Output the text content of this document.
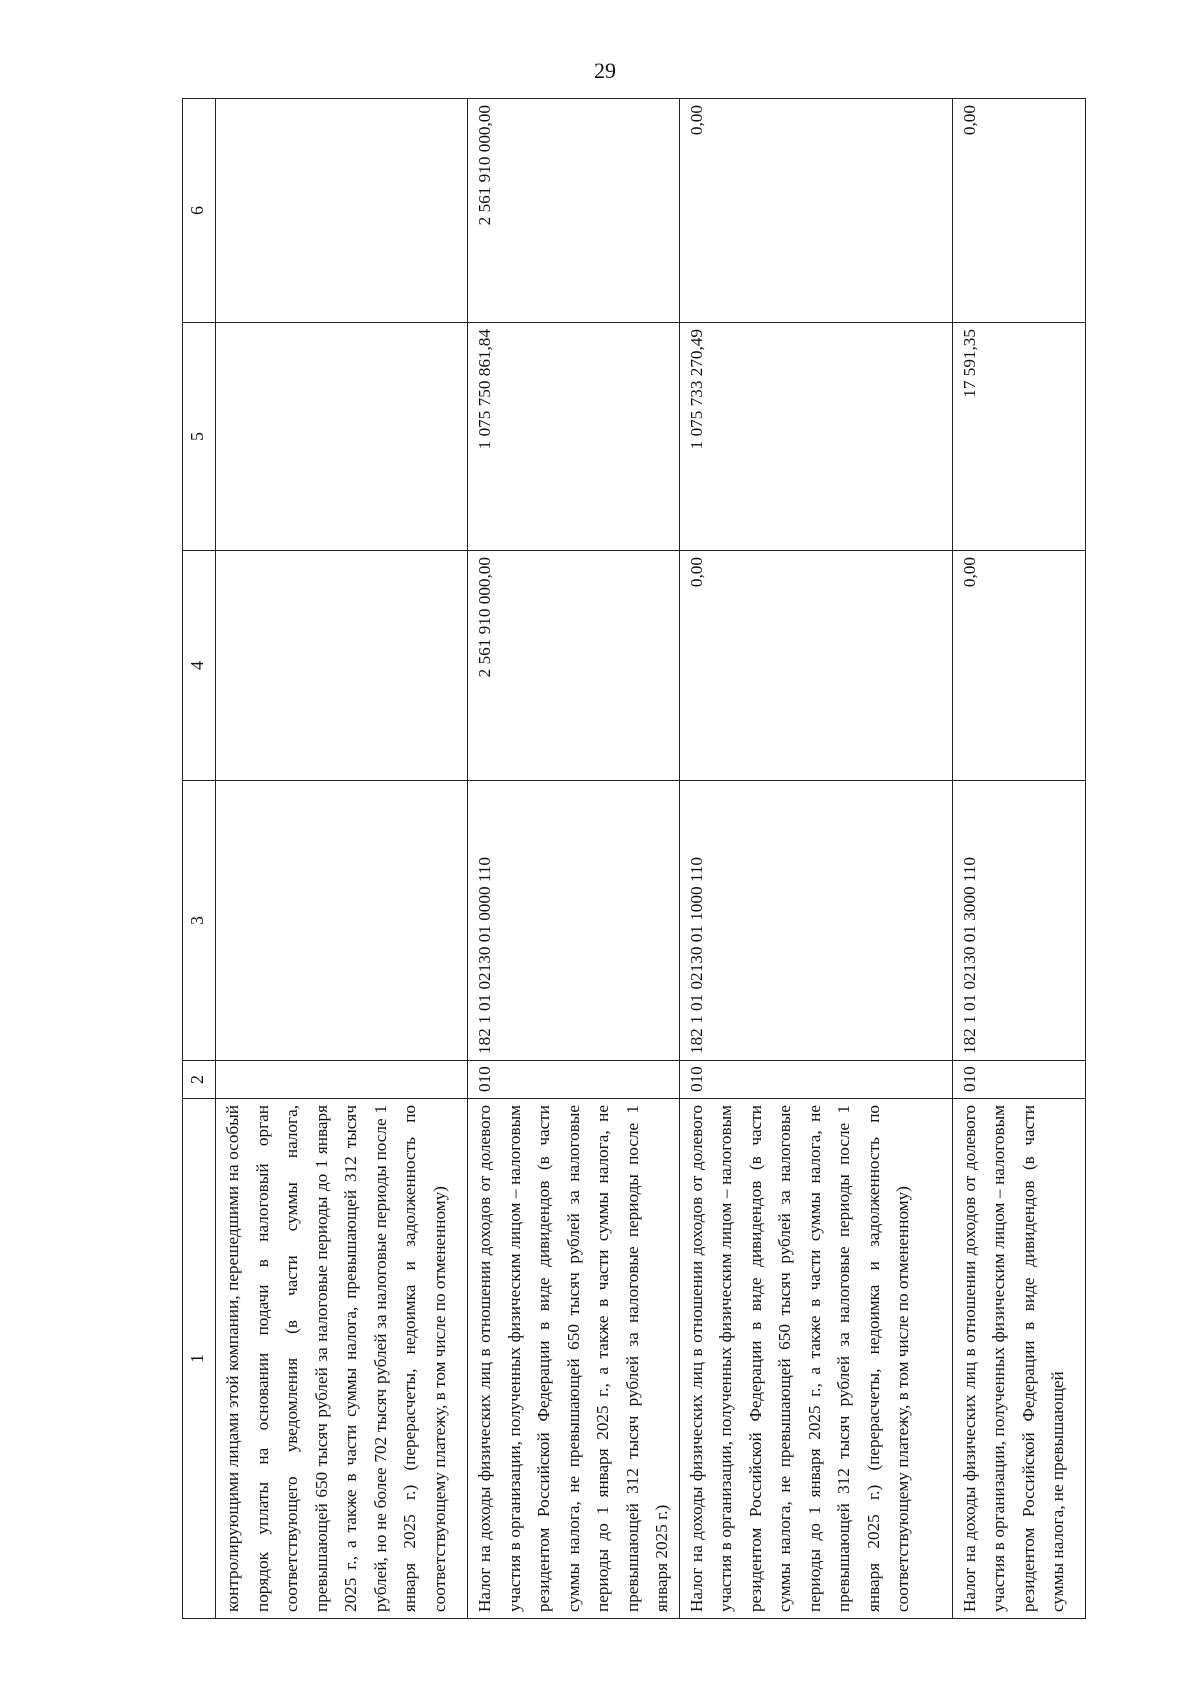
29
1	2	3	4	5	6
контролирующими лицами этой компании, перешедшими на особый порядок уплаты на основании подачи в налоговый орган соответствующего уведомления (в части суммы налога, превышающей 650 тысяч рублей за налоговые периоды до 1 января 2025 г., а также в части суммы налога, превышающей 312 тысяч рублей, но не более 702 тысяч рублей за налоговые периоды после 1 января 2025 г.) (перерасчеты, недоимка и задолженность по соответствующему платежу, в том числе по отмененному)					
Налог на доходы физических лиц в отношении доходов от долевого участия в организации, полученных физическим лицом – налоговым резидентом Российской Федерации в виде дивидендов (в части суммы налога, не превышающей 650 тысяч рублей за налоговые периоды до 1 января 2025 г., а также в части суммы налога, не превышающей 312 тысяч рублей за налоговые периоды после 1 января 2025 г.)	010	182 1 01 02130 01 0000 110	2 561 910 000,00	1 075 750 861,84	2 561 910 000,00
Налог на доходы физических лиц в отношении доходов от долевого участия в организации, полученных физическим лицом – налоговым резидентом Российской Федерации в виде дивидендов (в части суммы налога, не превышающей 650 тысяч рублей за налоговые периоды до 1 января 2025 г., а также в части суммы налога, не превышающей 312 тысяч рублей за налоговые периоды после 1 января 2025 г.) (перерасчеты, недоимка и задолженность по соответствующему платежу, в том числе по отмененному)	010	182 1 01 02130 01 1000 110	0,00	1 075 733 270,49	0,00
Налог на доходы физических лиц в отношении доходов от долевого участия в организации, полученных физическим лицом – налоговым резидентом Российской Федерации в виде дивидендов (в части суммы налога, не превышающей	010	182 1 01 02130 01 3000 110	0,00	17 591,35	0,00
